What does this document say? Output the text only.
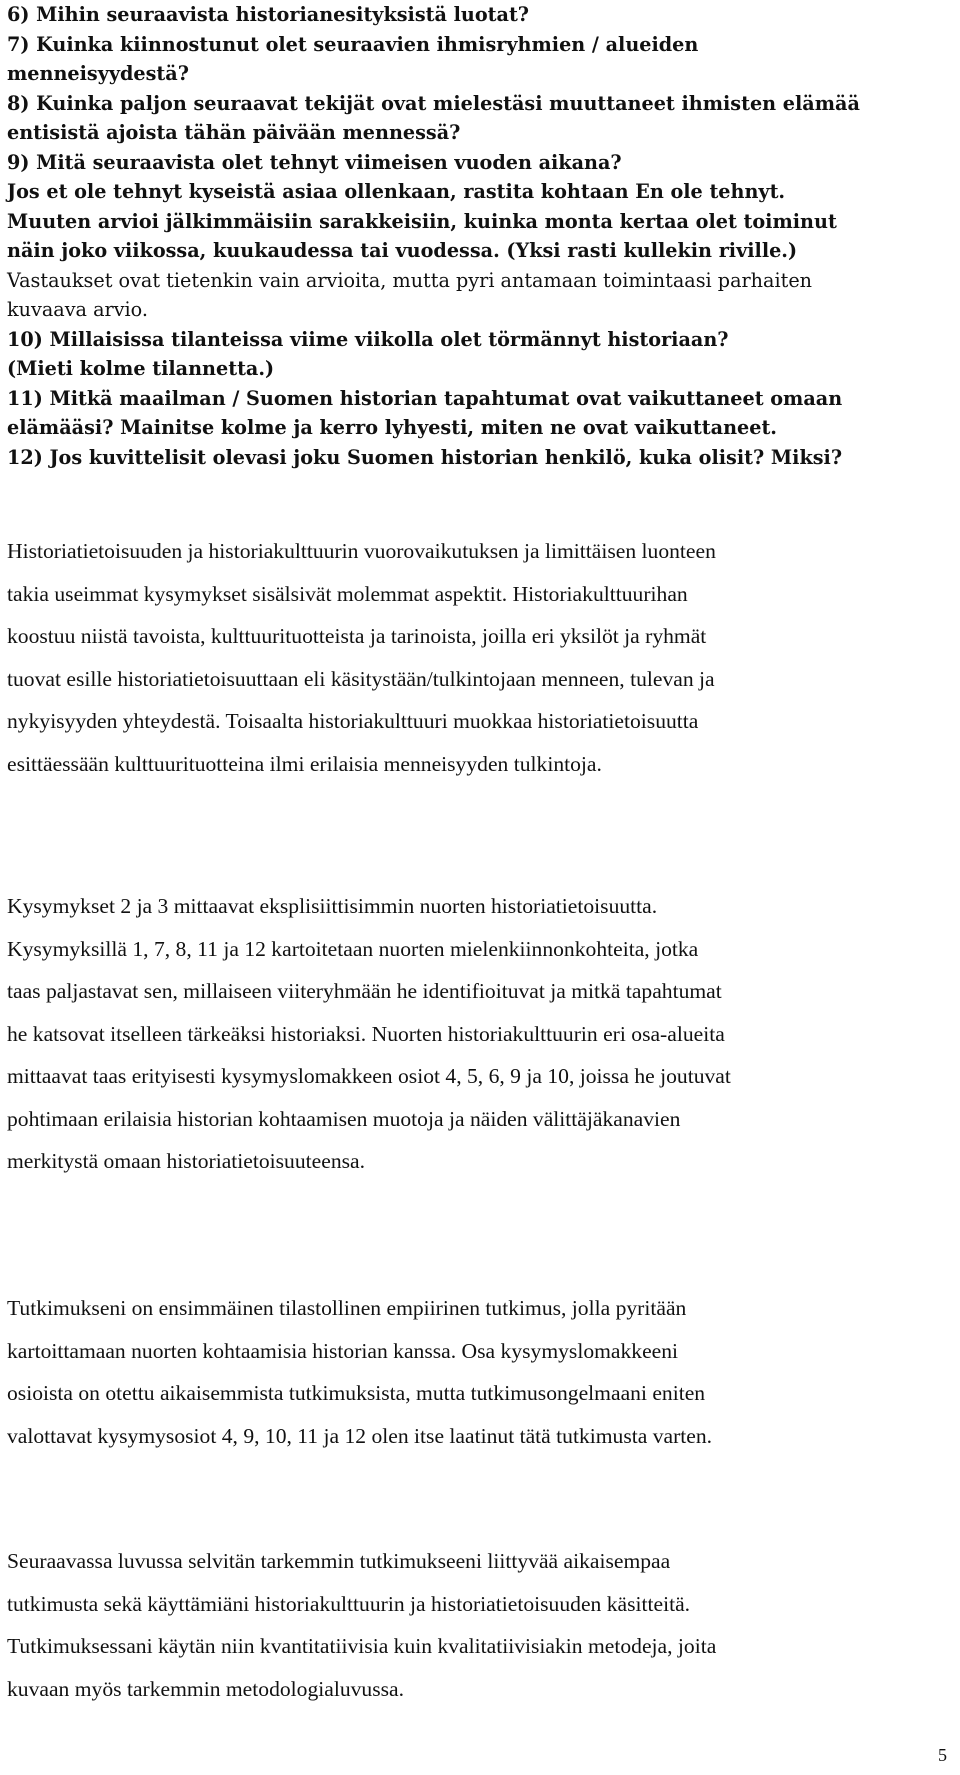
6) Mihin seuraavista historianesityksistä luotat?
7) Kuinka kiinnostunut olet seuraavien ihmisryhmien / alueiden
menneisyydestä?
8) Kuinka paljon seuraavat tekijät ovat mielestäsi muuttaneet ihmisten elämää
entisistä ajoista tähän päivään mennessä?
9) Mitä seuraavista olet tehnyt viimeisen vuoden aikana?
Jos et ole tehnyt kyseistä asiaa ollenkaan, rastita kohtaan En ole tehnyt.
Muuten arvioi jälkimmäisiin sarakkeisiin, kuinka monta kertaa olet toiminut
näin joko viikossa, kuukaudessa tai vuodessa. (Yksi rasti kullekin riville.)
Vastaukset ovat tietenkin vain arvioita, mutta pyri antamaan toimintaasi parhaiten
kuvaava arvio.
10) Millaisissa tilanteissa viime viikolla olet törmännyt historiaan?
(Mieti kolme tilannetta.)
11) Mitkä maailman / Suomen historian tapahtumat ovat vaikuttaneet omaan
elämääsi? Mainitse kolme ja kerro lyhyesti, miten ne ovat vaikuttaneet.
12) Jos kuvittelisit olevasi joku Suomen historian henkilö, kuka olisit? Miksi?
Historiatietoisuuden ja historiakulttuurin vuorovaikutuksen ja limittäisen luonteen
takia useimmat kysymykset sisälsivät molemmat aspektit. Historiakulttuurihan
koostuu niistä tavoista, kulttuurituotteista ja tarinoista, joilla eri yksilöt ja ryhmät
tuovat esille historiatietoisuuttaan eli käsitystään/tulkintojaan menneen, tulevan ja
nykyisyyden yhteydestä. Toisaalta historiakulttuuri muokkaa historiatietoisuutta
esittäessään kulttuurituotteina ilmi erilaisia menneisyyden tulkintoja.
Kysymykset 2 ja 3 mittaavat eksplisiittisimmin nuorten historiatietoisuutta.
Kysymyksillä 1, 7, 8, 11 ja 12 kartoitetaan nuorten mielenkiinnonkohteita, jotka
taas paljastavat sen, millaiseen viiteryhmään he identifioituvat ja mitkä tapahtumat
he katsovat itselleen tärkeäksi historiaksi. Nuorten historiakulttuurin eri osa-alueita
mittaavat taas erityisesti kysymyslomakkeen osiot 4, 5, 6, 9 ja 10, joissa he joutuvat
pohtimaan erilaisia historian kohtaamisen muotoja ja näiden välittäjäkanavien
merkitystä omaan historiatietoisuuteensa.
Tutkimukseni on ensimmäinen tilastollinen empiirinen tutkimus, jolla pyritään
kartoittamaan nuorten kohtaamisia historian kanssa. Osa kysymyslomakkeeni
osioista on otettu aikaisemmista tutkimuksista, mutta tutkimusongelmaani eniten
valottavat kysymysosiot 4, 9, 10, 11 ja 12 olen itse laatinut tätä tutkimusta varten.
Seuraavassa luvussa selvitän tarkemmin tutkimukseeni liittyvää aikaisempaa
tutkimusta sekä käyttämiäni historiakulttuurin ja historiatietoisuuden käsitteitä.
Tutkimuksessani käytän niin kvantitatiivisia kuin kvalitatiivisiakin metodeja, joita
kuvaan myös tarkemmin metodologialuvussa.
5
